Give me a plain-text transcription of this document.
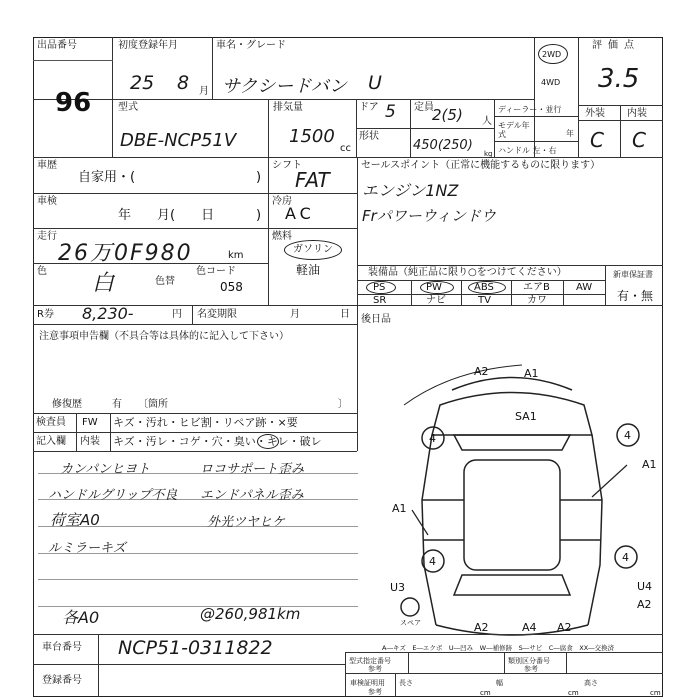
出品番号
96
初度登録年月
25 8 月
車名・グレード
サクシードバン U
2WD
4WD
評価点
3.5
型式
DBE-NCP51V
排気量
1500
cc
ドア 5 定員
2(5) 人
形状
450(250)
kg
ディーラー・並行
モデル年式	年
ハンドル 左・右
外装 内装
C C
車歴
自家用・(	)
シフト
FAT
車検
年　　月(　　日	)
冷房
AC
走行
26万0F980	km
燃料
ガソリン
軽油
色 白	色替
色コード
058
R券 8,230-	円 名変期限	月	日
セールスポイント（正常に機能するものに限ります）
エンジン1NZ
Frパワーウィンドウ
装備品（純正品に限り○をつけてください）	新車保証書
有・無
PS	PW	ABS	エアB	AW
SR	ナビ	TV	カワ
後日品
注意事項申告欄（不具合等は具体的に記入して下さい）
修復歴	有 〔箇所	〕
検査員
記入欄
FW
内装
キズ・汚れ・ヒビ割・リペア跡・×要
キズ・汚レ・コゲ・穴・臭い・キレ・破レ
カンパンヒヨト	ロコサポート歪み
ハンドルグリップ不良 エンドパネル歪み
荷室A0	外光ツヤヒケ
ルミラーキズ
各A0	@260,981km
A2	A1
SA1
A1
A1
U3	U4
A2
A2	A4 A2
4	4
4	4
スペア
A―キズ　E―エクボ　U―凹み　W―補修跡　S―サビ　C―腐食　XX―交換済
車台番号 NCP51-0311822
登録番号
型式指定番号
参考
類別区分番号
参考
車検証明用
参考
長さ
cm
幅
cm
高さ
cm
